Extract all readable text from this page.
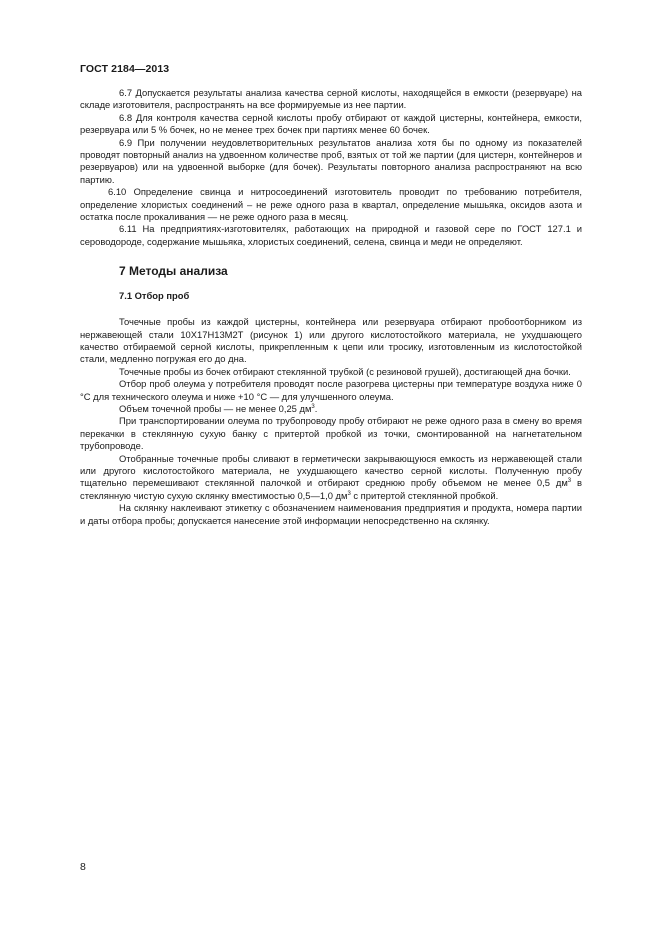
ГОСТ 2184—2013

6.7 Допускается результаты анализа качества серной кислоты, находящейся в емкости (резервуаре) на складе изготовителя, распространять на все формируемые из нее партии.

6.8 Для контроля качества серной кислоты пробу отбирают от каждой цистерны, контейнера, емкости, резервуара или 5 % бочек, но не менее трех бочек при партиях менее 60 бочек.

6.9 При получении неудовлетворительных результатов анализа хотя бы по одному из показателей проводят повторный анализ на удвоенном количестве проб, взятых от той же партии (для цистерн, контейнеров и резервуаров) или на удвоенной выборке (для бочек). Результаты повторного анализа распространяют на всю партию.

6.10 Определение свинца и нитросоединений изготовитель проводит по требованию потребителя, определение хлористых соединений – не реже одного раза в квартал, определение мышьяка, оксидов азота и остатка после прокаливания — не реже одного раза в месяц.

6.11 На предприятиях-изготовителях, работающих на природной и газовой сере по ГОСТ 127.1 и сероводороде, содержание мышьяка, хлористых соединений, селена, свинца и меди не определяют.

7 Методы анализа
7.1 Отбор проб

Точечные пробы из каждой цистерны, контейнера или резервуара отбирают пробоотборником из нержавеющей стали 10Х17Н13М2Т (рисунок 1) или другого кислотостойкого материала, не ухудшающего качество отбираемой серной кислоты, прикрепленным к цепи или тросику, изготовленным из кислотостойкой стали, медленно погружая его до дна.

Точечные пробы из бочек отбирают стеклянной трубкой (с резиновой грушей), достигающей дна бочки.

Отбор проб олеума у потребителя проводят после разогрева цистерны при температуре воздуха ниже 0 °С для технического олеума и ниже +10 °С — для улучшенного олеума.

Объем точечной пробы — не менее 0,25 $дм^3$.

При транспортировании олеума по трубопроводу пробу отбирают не реже одного раза в смену во время перекачки в стеклянную сухую банку с притертой пробкой из точки, смонтированной на нагнетательном трубопроводе.

Отобранные точечные пробы сливают в герметически закрывающуюся емкость из нержавеющей стали или другого кислотостойкого материала, не ухудшающего качество серной кислоты. Полученную пробу тщательно перемешивают стеклянной палочкой и отбирают среднюю пробу объемом не менее 0,5 $дм^3$ в стеклянную чистую сухую склянку вместимостью 0,5—1,0 $дм^3$ с притертой стеклянной пробкой.

На склянку наклеивают этикетку с обозначением наименования предприятия и продукта, номера партии и даты отбора пробы; допускается нанесение этой информации непосредственно на склянку.

8
